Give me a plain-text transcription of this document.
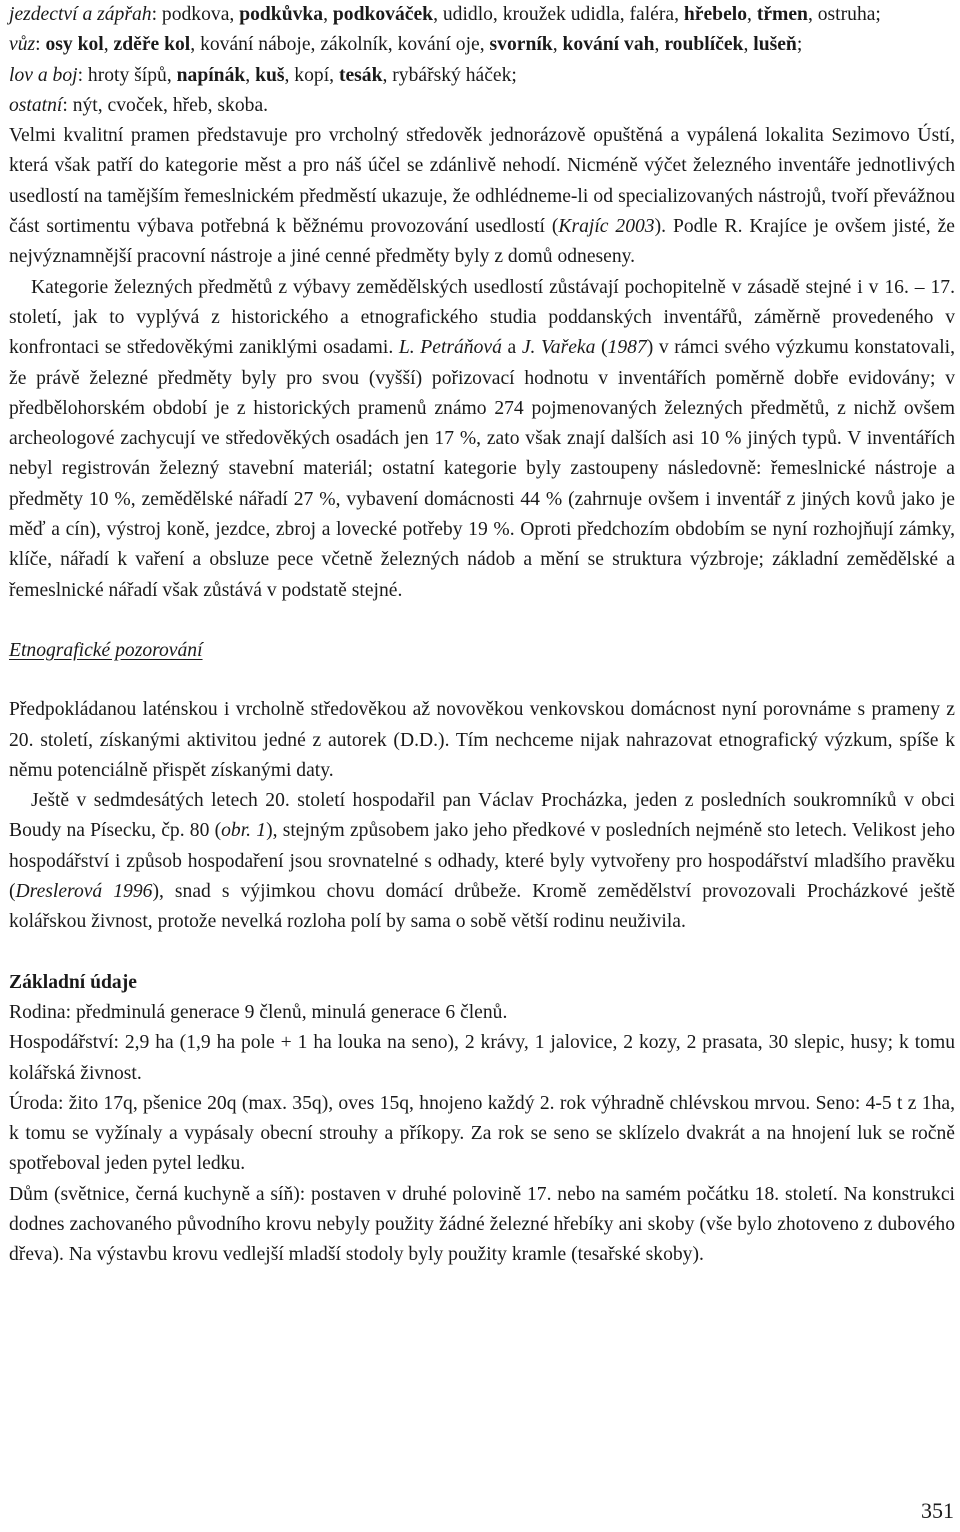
jezdectví a zápřah: podkova, podkůvka, podkováček, udidlo, kroužek udidla, faléra, hřebelo, třmen, ostruha;

vůz: osy kol, zděře kol, kování náboje, zákolník, kování oje, svorník, kování vah, roublíček, lušeň;

lov a boj: hroty šípů, napínák, kuš, kopí, tesák, rybářský háček;

ostatní: nýt, cvoček, hřeb, skoba.

Velmi kvalitní pramen představuje pro vrcholný středověk jednorázově opuštěná a vypálená lokalita Sezimovo Ústí, která však patří do kategorie měst a pro náš účel se zdánlivě nehodí. Nicméně výčet železného inventáře jednotlivých usedlostí na tamějším řemeslnickém předměstí ukazuje, že odhlédneme-li od specializovaných nástrojů, tvoří převážnou část sortimentu výbava potřebná k běžnému provozování usedlostí (Krajíc 2003). Podle R. Krajíce je ovšem jisté, že nejvýznamnější pracovní nástroje a jiné cenné předměty byly z domů odneseny.

Kategorie železných předmětů z výbavy zemědělských usedlostí zůstávají pochopitelně v zásadě stejné i v 16. – 17. století, jak to vyplývá z historického a etnografického studia poddanských inventářů, záměrně provedeného v konfrontaci se středověkými zaniklými osadami. L. Petráňová a J. Vařeka (1987) v rámci svého výzkumu konstatovali, že právě železné předměty byly pro svou (vyšší) pořizovací hodnotu v inventářích poměrně dobře evidovány; v předbělohorském období je z historických pramenů známo 274 pojmenovaných železných předmětů, z nichž ovšem archeologové zachycují ve středověkých osadách jen 17 %, zato však znají dalších asi 10 % jiných typů. V inventářích nebyl registrován železný stavební materiál; ostatní kategorie byly zastoupeny následovně: řemeslnické nástroje a předměty 10 %, zemědělské nářadí 27 %, vybavení domácnosti 44 % (zahrnuje ovšem i inventář z jiných kovů jako je měď a cín), výstroj koně, jezdce, zbroj a lovecké potřeby 19 %. Oproti předchozím obdobím se nyní rozhojňují zámky, klíče, nářadí k vaření a obsluze pece včetně železných nádob a mění se struktura výzbroje; základní zemědělské a řemeslnické nářadí však zůstává v podstatě stejné.

Etnografické pozorování

Předpokládanou laténskou i vrcholně středověkou až novověkou venkovskou domácnost nyní porovnáme s prameny z 20. století, získanými aktivitou jedné z autorek (D.D.). Tím nechceme nijak nahrazovat etnografický výzkum, spíše k němu potenciálně přispět získanými daty.

Ještě v sedmdesátých letech 20. století hospodařil pan Václav Procházka, jeden z posledních soukromníků v obci Boudy na Písecku, čp. 80 (obr. 1), stejným způsobem jako jeho předkové v posledních nejméně sto letech. Velikost jeho hospodářství i způsob hospodaření jsou srovnatelné s odhady, které byly vytvořeny pro hospodářství mladšího pravěku (Dreslerová 1996), snad s výjimkou chovu domácí drůbeže. Kromě zemědělství provozovali Procházkové ještě kolářskou živnost, protože nevelká rozloha polí by sama o sobě větší rodinu neuživila.

Základní údaje

Rodina: předminulá generace 9 členů, minulá generace 6 členů.

Hospodářství: 2,9 ha (1,9 ha pole + 1 ha louka na seno), 2 krávy, 1 jalovice, 2 kozy, 2 prasata, 30 slepic, husy; k tomu kolářská živnost.

Úroda: žito 17q, pšenice 20q (max. 35q), oves 15q, hnojeno každý 2. rok výhradně chlévskou mrvou. Seno: 4-5 t z 1ha, k tomu se vyžínaly a vypásaly obecní strouhy a příkopy. Za rok se seno se sklízelo dvakrát a na hnojení luk se ročně spotřeboval jeden pytel ledku.

Dům (světnice, černá kuchyně a síň): postaven v druhé polovině 17. nebo na samém počátku 18. století. Na konstrukci dodnes zachovaného původního krovu nebyly použity žádné železné hřebíky ani skoby (vše bylo zhotoveno z dubového dřeva). Na výstavbu krovu vedlejší mladší stodoly byly použity kramle (tesařské skoby).

351
